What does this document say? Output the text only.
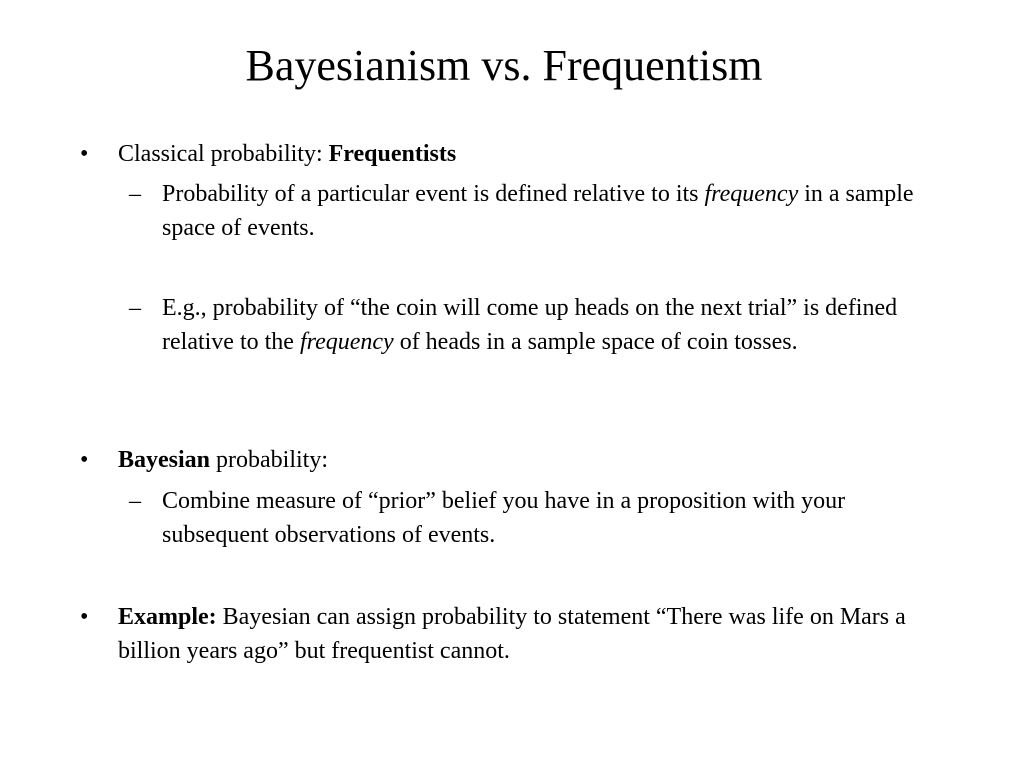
Bayesianism vs. Frequentism
• Classical probability: Frequentists
– Probability of a particular event is defined relative to its frequency in a sample space of events.
– E.g., probability of “the coin will come up heads on the next trial” is defined relative to the frequency of heads in a sample space of coin tosses.
• Bayesian probability:
– Combine measure of “prior” belief you have in a proposition with your subsequent observations of events.
• Example: Bayesian can assign probability to statement “There was life on Mars a billion years ago” but frequentist cannot.
